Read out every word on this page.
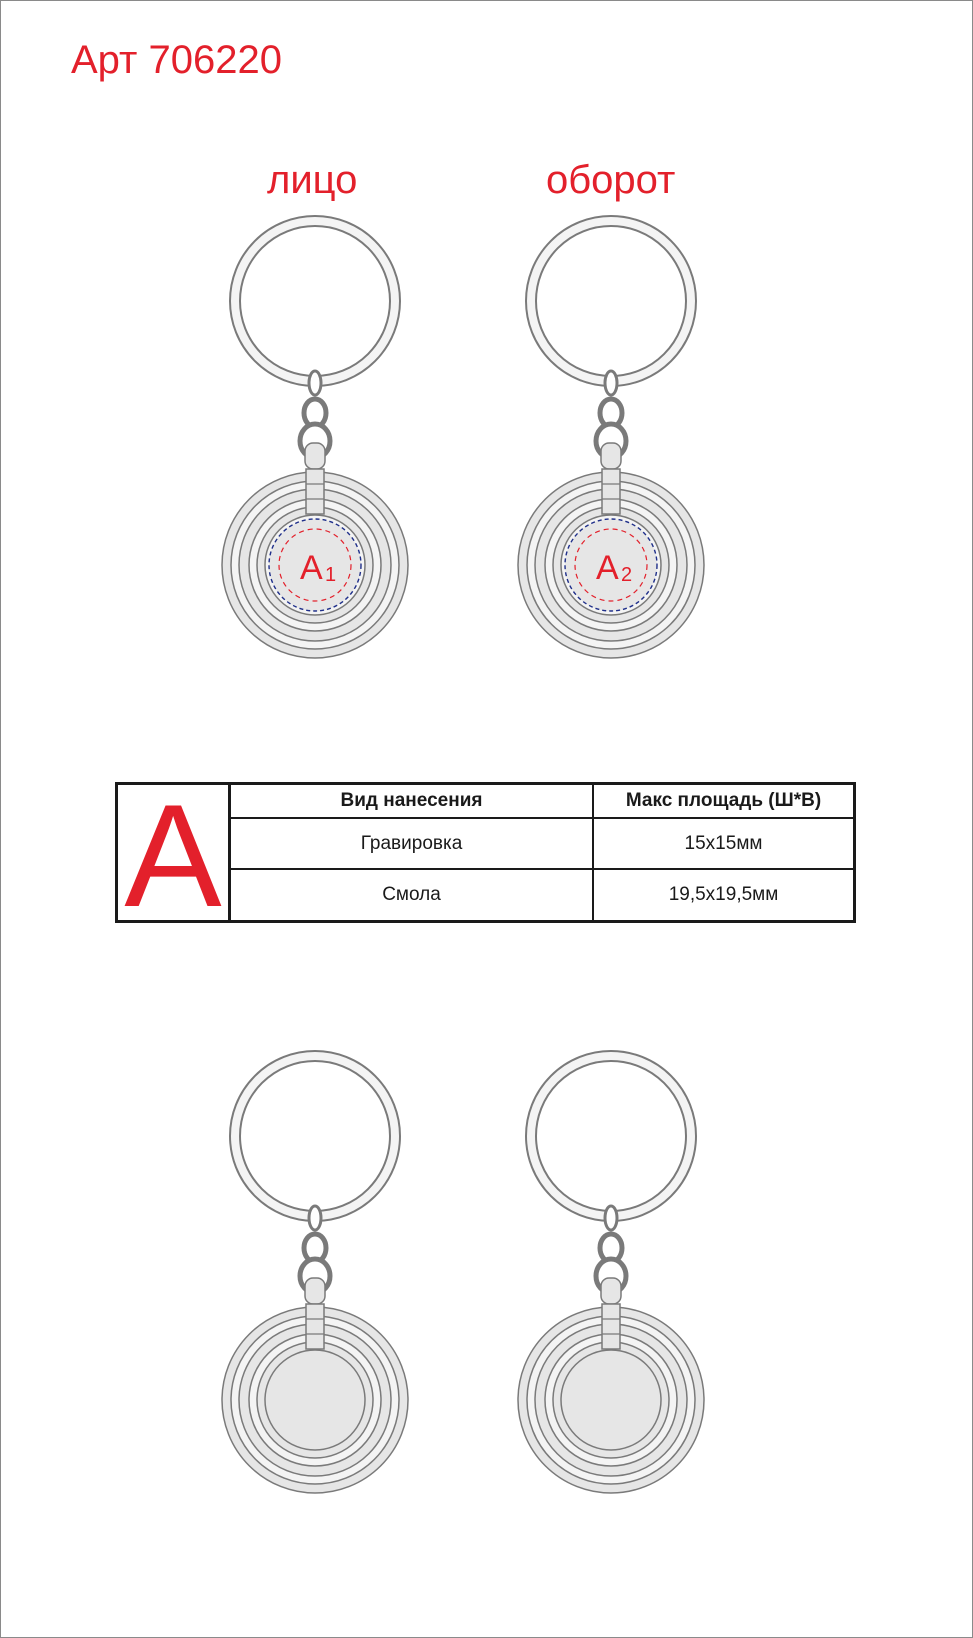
Арт 706220
лицо	оборот
A 1	A 2
A	Вид нанесения	Макс площадь (Ш*В)
Гравировка	15x15мм
Смола	19,5x19,5мм
